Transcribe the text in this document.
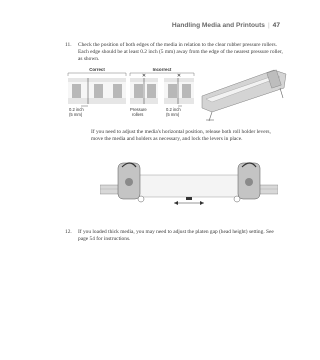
Handling Media and Printouts | 47
11. Check the position of both edges of the media in relation to the clear rubber pressure rollers. Each edge should be at least 0.2 inch (5 mm) away from the edge of the nearest pressure roller, as shown.
Correct	Incorrect
✕	✕
0.2 inch
(5 mm)
Pressure
rollers
0.2 inch
(5 mm)
If you need to adjust the media's horizontal position, release both roll holder levers, move the media and holders as necessary, and lock the levers in place.
12. If you loaded thick media, you may need to adjust the platen gap (head height) setting. See page 54 for instructions.
